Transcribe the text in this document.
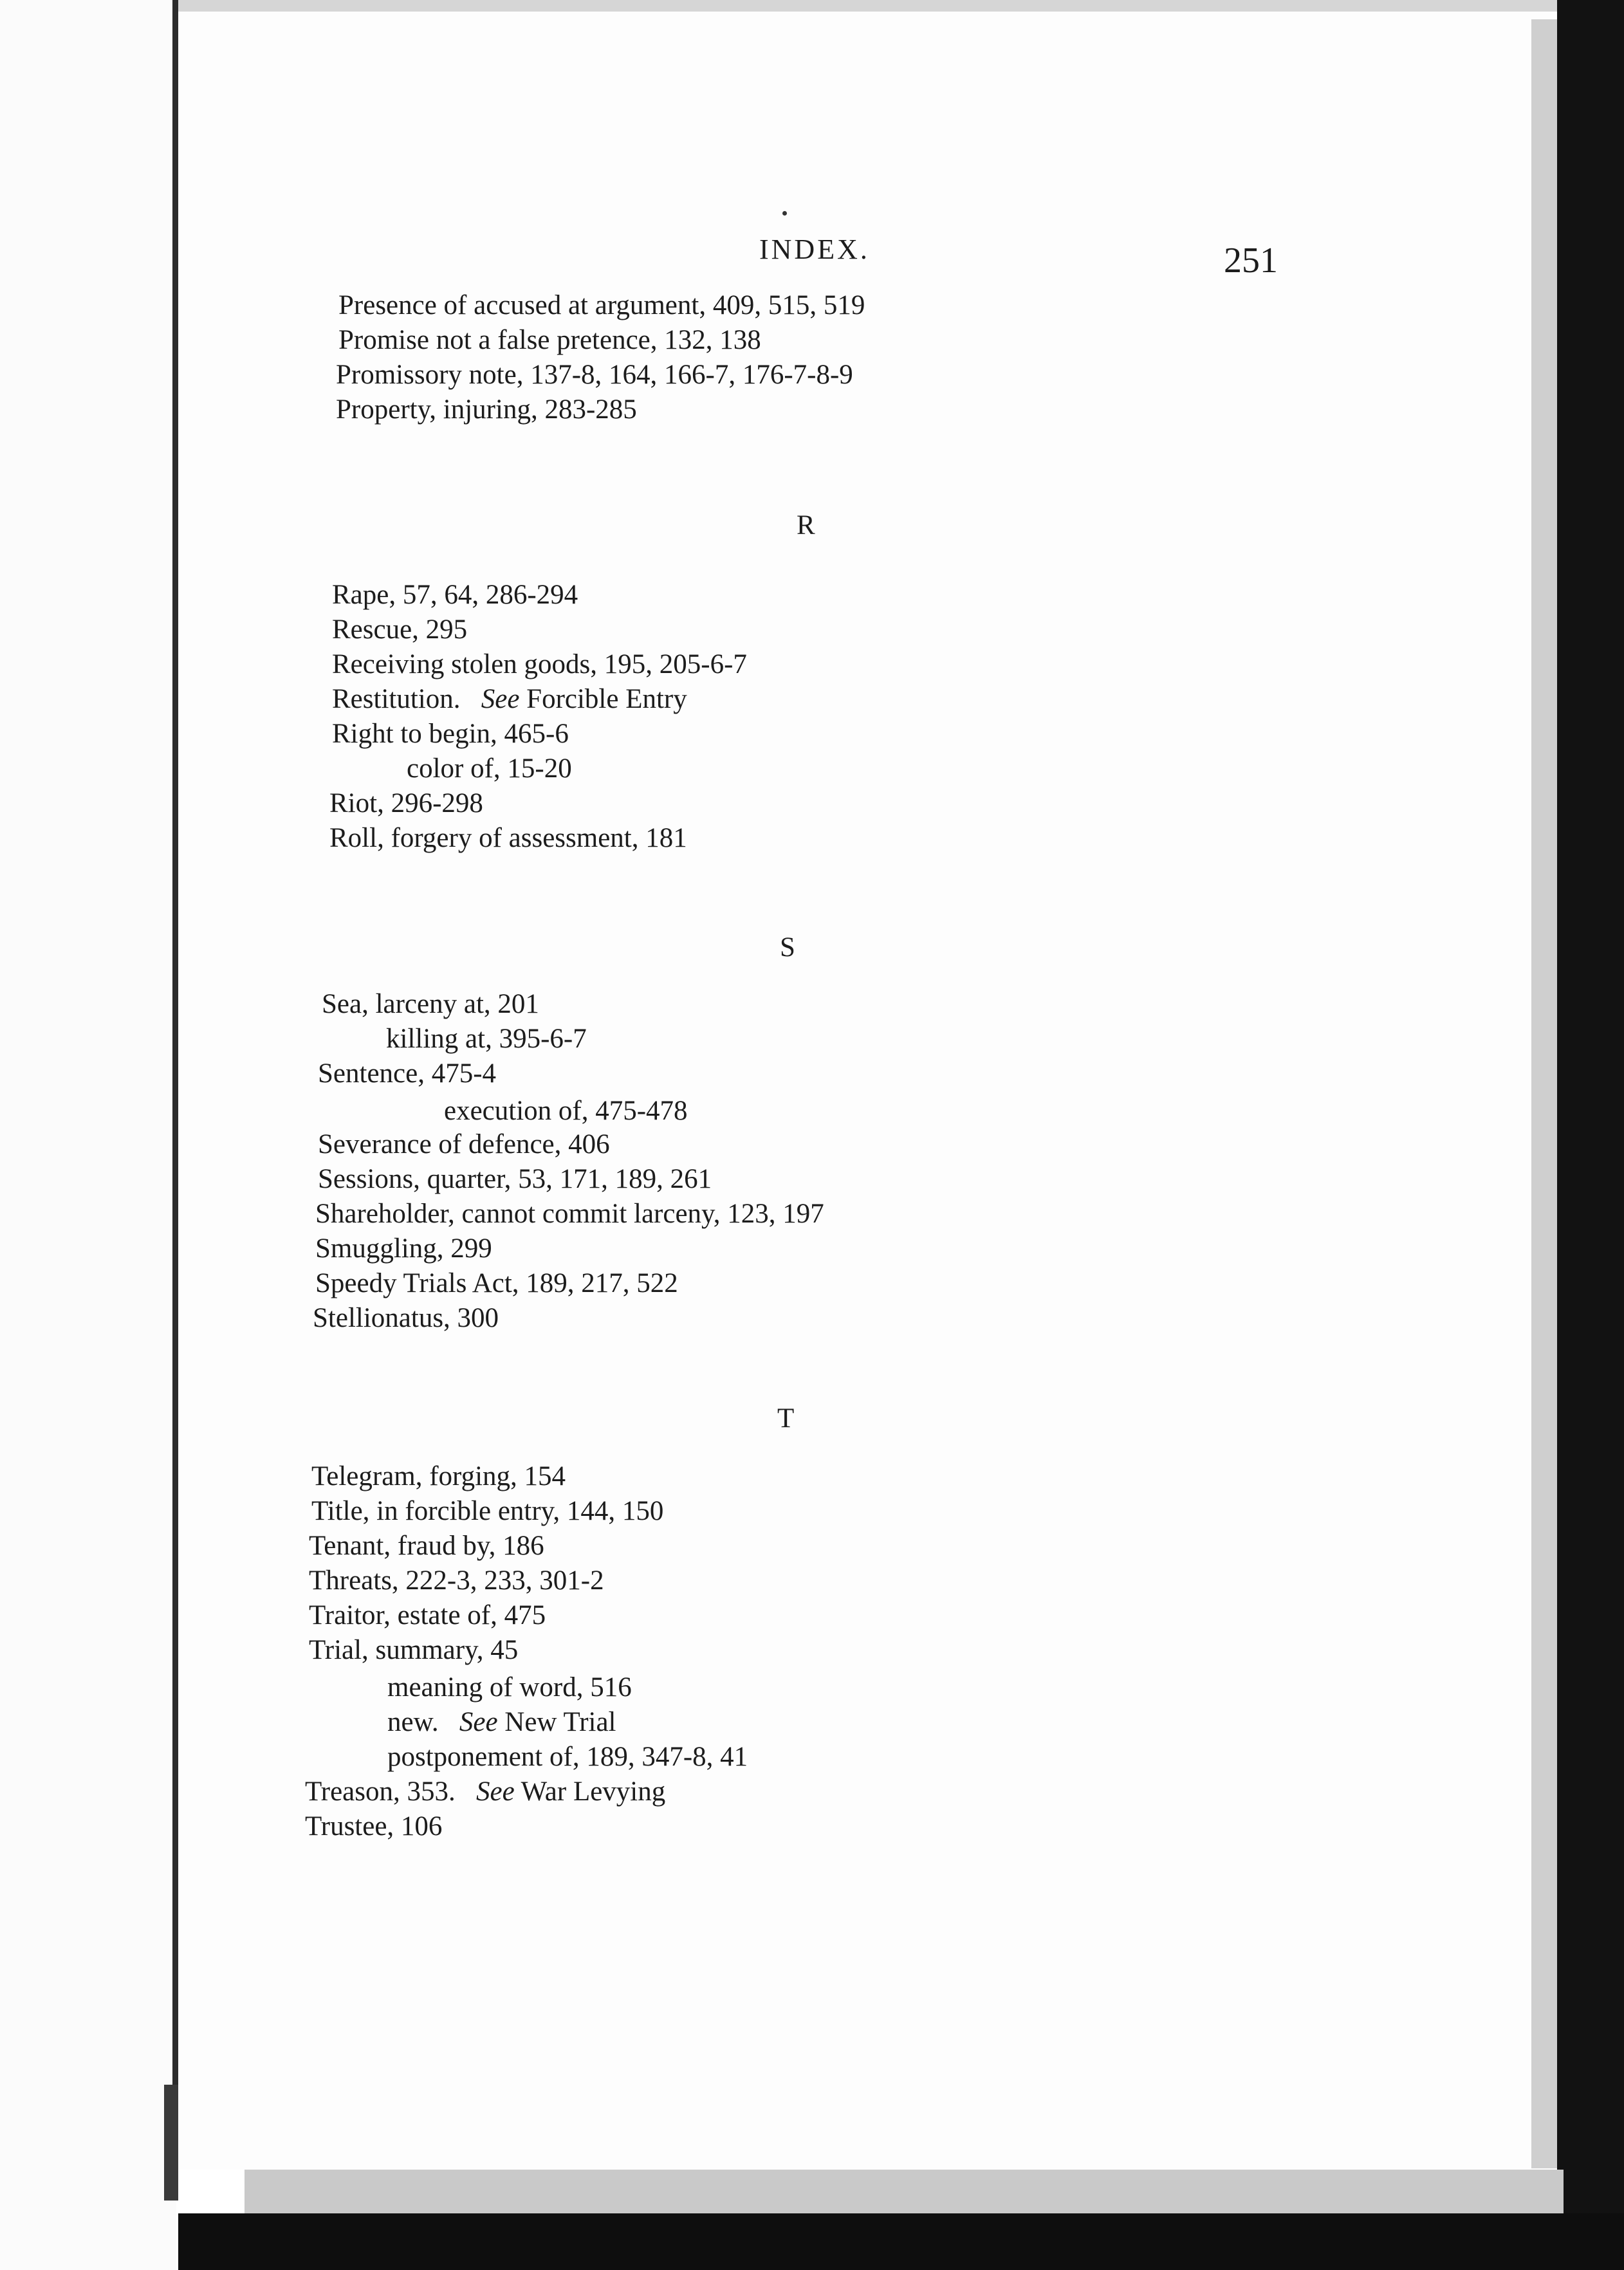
INDEX.	251
Presence of accused at argument, 409, 515, 519
Promise not a false pretence, 132, 138
Promissory note, 137-8, 164, 166-7, 176-7-8-9
Property, injuring, 283-285
R
Rape, 57, 64, 286-294
Rescue, 295
Receiving stolen goods, 195, 205-6-7
Restitution. See Forcible Entry
Right to begin, 465-6
color of, 15-20
Riot, 296-298
Roll, forgery of assessment, 181
S
Sea, larceny at, 201
killing at, 395-6-7
Sentence, 475-4
execution of, 475-478
Severance of defence, 406
Sessions, quarter, 53, 171, 189, 261
Shareholder, cannot commit larceny, 123, 197
Smuggling, 299
Speedy Trials Act, 189, 217, 522
Stellionatus, 300
T
Telegram, forging, 154
Title, in forcible entry, 144, 150
Tenant, fraud by, 186
Threats, 222-3, 233, 301-2
Traitor, estate of, 475
Trial, summary, 45
meaning of word, 516
new. See New Trial
postponement of, 189, 347-8, 41
Treason, 353. See War Levying
Trustee, 106
